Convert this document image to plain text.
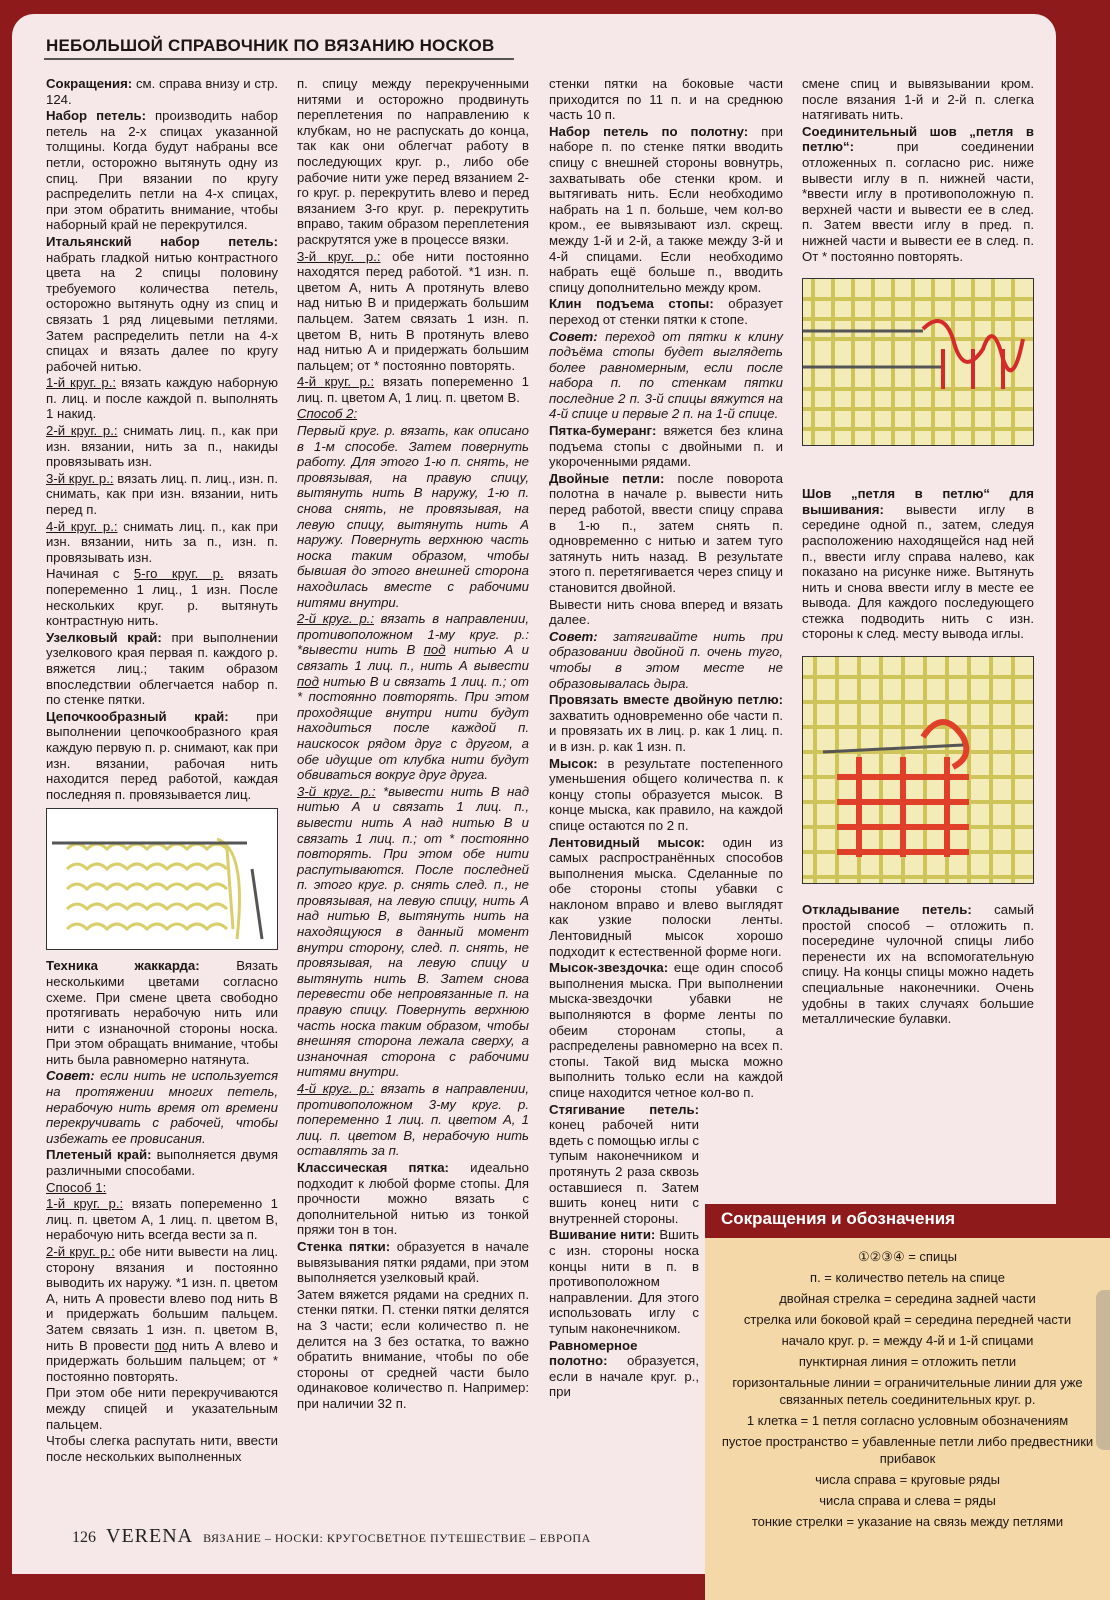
НЕБОЛЬШОЙ СПРАВОЧНИК ПО ВЯЗАНИЮ НОСКОВ

Сокращения: см. справа внизу и стр. 124.

Набор петель: производить набор петель на 2-х спицах указанной толщины. Когда будут набраны все петли, осторожно вытянуть одну из спиц. При вязании по кругу распределить петли на 4-х спицах, при этом обратить внимание, чтобы наборный край не перекрутился.

Итальянский набор петель: набрать гладкой нитью контрастного цвета на 2 спицы половину требуемого количества петель, осторожно вытянуть одну из спиц и связать 1 ряд лицевыми петлями. Затем распределить петли на 4-х спицах и вязать далее по кругу рабочей нитью.

1-й круг. р.: вязать каждую наборную п. лиц. и после каждой п. выполнять 1 накид.

2-й круг. р.: снимать лиц. п., как при изн. вязании, нить за п., накиды провязывать изн.

3-й круг. р.: вязать лиц. п. лиц., изн. п. снимать, как при изн. вязании, нить перед п.

4-й круг. р.: снимать лиц. п., как при изн. вязании, нить за п., изн. п. провязывать изн.

Начиная с 5-го круг. р. вязать попеременно 1 лиц., 1 изн. После нескольких круг. р. вытянуть контрастную нить.

Узелковый край: при выполнении узелкового края первая п. каждого р. вяжется лиц.; таким образом впоследствии облегчается набор п. по стенке пятки.

Цепочкообразный край: при выполнении цепочкообразного края каждую первую п. р. снимают, как при изн. вязании, рабочая нить находится перед работой, каждая последняя п. провязывается лиц.

Техника жаккарда: Вязать несколькими цветами согласно схеме. При смене цвета свободно протягивать нерабочую нить или нити с изнаночной стороны носка. При этом обращать внимание, чтобы нить была равномерно натянута.

Совет: если нить не используется на протяжении многих петель, нерабочую нить время от времени перекручивать с рабочей, чтобы избежать ее провисания.

Плетеный край: выполняется двумя различными способами.

Способ 1:

1-й круг. р.: вязать попеременно 1 лиц. п. цветом А, 1 лиц. п. цветом В, нерабочую нить всегда вести за п.

2-й круг. р.: обе нити вывести на лиц. сторону вязания и постоянно выводить их наружу. *1 изн. п. цветом А, нить А провести влево под нить В и придержать большим пальцем. Затем связать 1 изн. п. цветом В, нить В провести под нить А влево и придержать большим пальцем; от * постоянно повторять.

При этом обе нити перекручиваются между спицей и указательным пальцем.

Чтобы слегка распутать нити, ввести после нескольких выполненных

п. спицу между перекрученными нитями и осторожно продвинуть переплетения по направлению к клубкам, но не распускать до конца, так как они облегчат работу в последующих круг. р., либо обе рабочие нити уже перед вязанием 2-го круг. р. перекрутить влево и перед вязанием 3-го круг. р. перекрутить вправо, таким образом переплетения раскрутятся уже в процессе вязки.

3-й круг. р.: обе нити постоянно находятся перед работой. *1 изн. п. цветом А, нить А протянуть влево над нитью В и придержать большим пальцем. Затем связать 1 изн. п. цветом В, нить В протянуть влево над нитью А и придержать большим пальцем; от * постоянно повторять.

4-й круг. р.: вязать попеременно 1 лиц. п. цветом А, 1 лиц. п. цветом В.

Способ 2:

Первый круг. р. вязать, как описано в 1-м способе. Затем повернуть работу. Для этого 1-ю п. снять, не провязывая, на правую спицу, вытянуть нить В наружу, 1-ю п. снова снять, не провязывая, на левую спицу, вытянуть нить А наружу. Повернуть верхнюю часть носка таким образом, чтобы бывшая до этого внешней сторона находилась вместе с рабочими нитями внутри.

2-й круг. р.: вязать в направлении, противоположном 1-му круг. р.: *вывести нить В под нитью А и связать 1 лиц. п., нить А вывести под нитью В и связать 1 лиц. п.; от * постоянно повторять. При этом проходящие внутри нити будут находиться после каждой п. наискосок рядом друг с другом, а обе идущие от клубка нити будут обвиваться вокруг друг друга.

3-й круг. р.: *вывести нить В над нитью А и связать 1 лиц. п., вывести нить А над нитью В и связать 1 лиц. п.; от * постоянно повторять. При этом обе нити распутываются. После последней п. этого круг. р. снять след. п., не провязывая, на левую спицу, нить А над нитью В, вытянуть нить на находящуюся в данный момент внутри сторону, след. п. снять, не провязывая, на левую спицу и вытянуть нить В. Затем снова перевести обе непровязанные п. на правую спицу. Повернуть верхнюю часть носка таким образом, чтобы внешняя сторона лежала сверху, а изнаночная сторона с рабочими нитями внутри.

4-й круг. р.: вязать в направлении, противоположном 3-му круг. р. попеременно 1 лиц. п. цветом А, 1 лиц. п. цветом В, нерабочую нить оставлять за п.

Классическая пятка: идеально подходит к любой форме стопы. Для прочности можно вязать с дополнительной нитью из тонкой пряжи тон в тон.

Стенка пятки: образуется в начале вывязывания пятки рядами, при этом выполняется узелковый край.

Затем вяжется рядами на средних п. стенки пятки. П. стенки пятки делятся на 3 части; если количество п. не делится на 3 без остатка, то важно обратить внимание, чтобы по обе стороны от средней части было одинаковое количество п. Например: при наличии 32 п.

стенки пятки на боковые части приходится по 11 п. и на среднюю часть 10 п.

Набор петель по полотну: при наборе п. по стенке пятки вводить спицу с внешней стороны вовнутрь, захватывать обе стенки кром. и вытягивать нить. Если необходимо набрать на 1 п. больше, чем кол-во кром., ее вывязывают изл. скрещ. между 1-й и 2-й, а также между 3-й и 4-й спицами. Если необходимо набрать ещё больше п., вводить спицу дополнительно между кром.

Клин подъема стопы: образует переход от стенки пятки к стопе.

Совет: переход от пятки к клину подъёма стопы будет выглядеть более равномерным, если после набора п. по стенкам пятки последние 2 п. 3-й спицы вяжутся на 4-й спице и первые 2 п. на 1-й спице.

Пятка-бумеранг: вяжется без клина подъема стопы с двойными п. и укороченными рядами.

Двойные петли: после поворота полотна в начале р. вывести нить перед работой, ввести спицу справа в 1-ю п., затем снять п. одновременно с нитью и затем туго затянуть нить назад. В результате этого п. перетягивается через спицу и становится двойной.

Вывести нить снова вперед и вязать далее.

Совет: затягивайте нить при образовании двойной п. очень туго, чтобы в этом месте не образовывалась дыра.

Провязать вместе двойную петлю: захватить одновременно обе части п. и провязать их в лиц. р. как 1 лиц. п. и в изн. р. как 1 изн. п.

Мысок: в результате постепенного уменьшения общего количества п. к концу стопы образуется мысок. В конце мыска, как правило, на каждой спице остаются по 2 п.

Лентовидный мысок: один из самых распространённых способов выполнения мыска. Сделанные по обе стороны стопы убавки с наклоном вправо и влево выглядят как узкие полоски ленты. Лентовидный мысок хорошо подходит к естественной форме ноги.

Мысок-звездочка: еще один способ выполнения мыска. При выполнении мыска-звездочки убавки не выполняются в форме ленты по обеим сторонам стопы, а распределены равномерно на всех п. стопы. Такой вид мыска можно выполнить только если на каждой спице находится четное кол-во п.

Стягивание петель: конец рабочей нити вдеть с помощью иглы с тупым наконечником и протянуть 2 раза сквозь оставшиеся п. Затем вшить конец нити с внутренней стороны.

Вшивание нити: Вшить с изн. стороны носка концы нити в п. в противоположном направлении. Для этого использовать иглу с тупым наконечником.

Равномерное полотно: образуется, если в начале круг. р., при

смене спиц и вывязывании кром. после вязания 1-й и 2-й п. слегка натягивать нить.

Соединительный шов „петля в петлю“: при соединении отложенных п. согласно рис. ниже вывести иглу в п. нижней части, *ввести иглу в противоположную п. верхней части и вывести ее в след. п. Затем ввести иглу в пред. п. нижней части и вывести ее в след. п. От * постоянно повторять.

Шов „петля в петлю“ для вышивания: вывести иглу в середине одной п., затем, следуя расположению находящейся над ней п., ввести иглу справа налево, как показано на рисунке ниже. Вытянуть нить и снова ввести иглу в месте ее вывода. Для каждого последующего стежка подводить нить с изн. стороны к след. месту вывода иглы.

Откладывание петель: самый простой способ – отложить п. посередине чулочной спицы либо перенести их на вспомогательную спицу. На концы спицы можно надеть специальные наконечники. Очень удобны в таких случаях большие металлические булавки.

126 VERENA ВЯЗАНИЕ – НОСКИ: КРУГОСВЕТНОЕ ПУТЕШЕСТВИЕ – ЕВРОПА
Сокращения и обозначения
①②③④ = спицы
п. = количество петель на спице
двойная стрелка = середина задней части
стрелка или боковой край = середина передней части
начало круг. р. = между 4-й и 1-й спицами
пунктирная линия = отложить петли
горизонтальные линии = ограничительные линии для уже связанных петель соединительных круг. р.
1 клетка = 1 петля согласно условным обозначениям
пустое пространство = убавленные петли либо предвестники прибавок
числа справа = круговые ряды
числа справа и слева = ряды
тонкие стрелки = указание на связь между петлями
